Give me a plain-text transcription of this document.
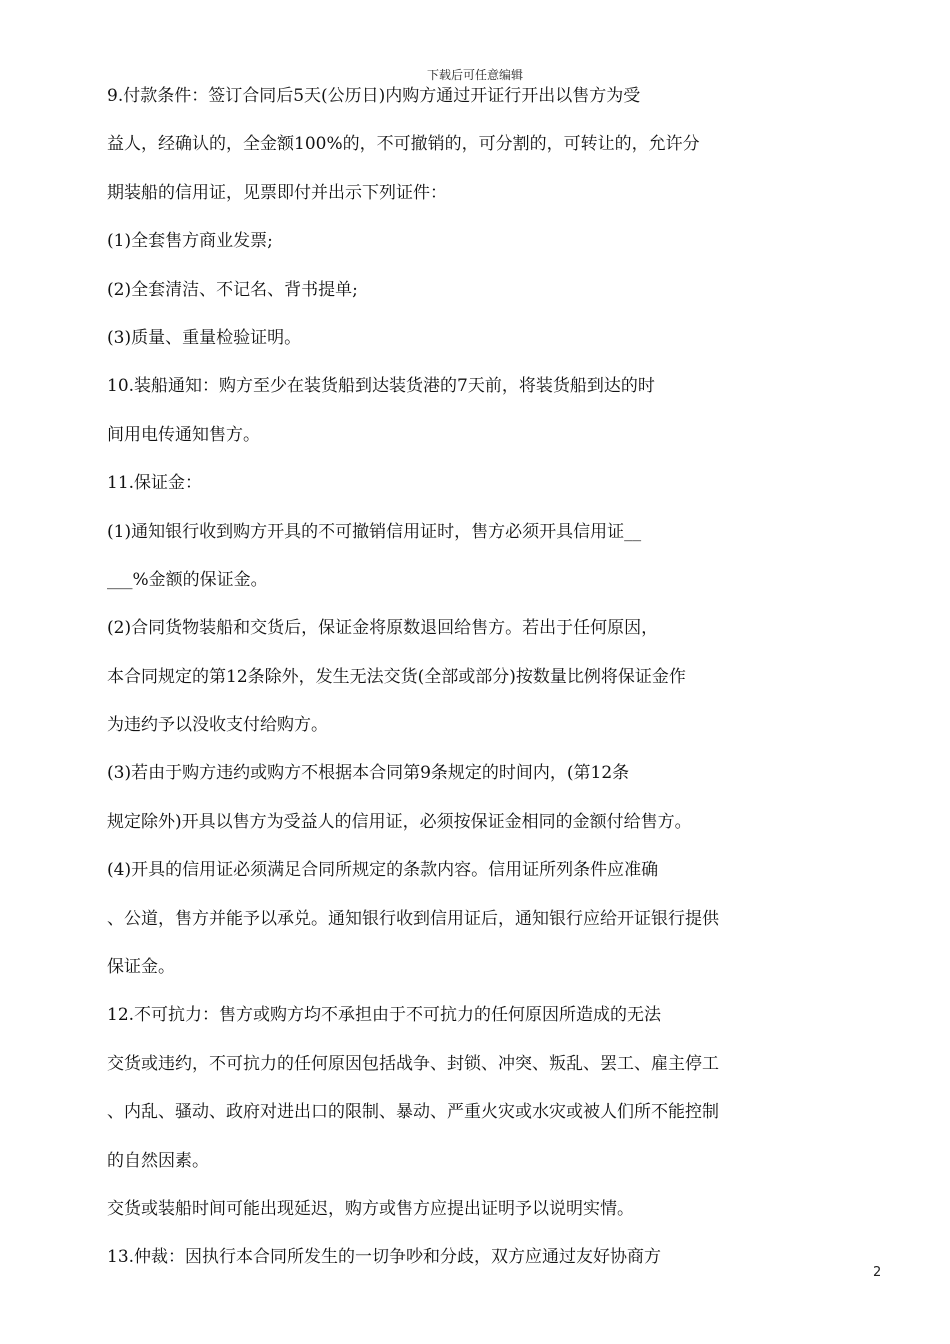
下载后可任意编辑
9.付款条件：签订合同后5天(公历日)内购方通过开证行开出以售方为受
益人，经确认的，全金额100%的，不可撤销的，可分割的，可转让的，允许分
期装船的信用证，见票即付并出示下列证件：
(1)全套售方商业发票;
(2)全套清洁、不记名、背书提单;
(3)质量、重量检验证明。
10.装船通知：购方至少在装货船到达装货港的7天前，将装货船到达的时
间用电传通知售方。
11.保证金：
(1)通知银行收到购方开具的不可撤销信用证时，售方必须开具信用证__
___%金额的保证金。
(2)合同货物装船和交货后，保证金将原数退回给售方。若出于任何原因，
本合同规定的第12条除外，发生无法交货(全部或部分)按数量比例将保证金作
为违约予以没收支付给购方。
(3)若由于购方违约或购方不根据本合同第9条规定的时间内，(第12条
规定除外)开具以售方为受益人的信用证，必须按保证金相同的金额付给售方。
(4)开具的信用证必须满足合同所规定的条款内容。信用证所列条件应准确
、公道，售方并能予以承兑。通知银行收到信用证后，通知银行应给开证银行提供
保证金。
12.不可抗力：售方或购方均不承担由于不可抗力的任何原因所造成的无法
交货或违约，不可抗力的任何原因包括战争、封锁、冲突、叛乱、罢工、雇主停工
、内乱、骚动、政府对进出口的限制、暴动、严重火灾或水灾或被人们所不能控制
的自然因素。
交货或装船时间可能出现延迟，购方或售方应提出证明予以说明实情。
13.仲裁：因执行本合同所发生的一切争吵和分歧，双方应通过友好协商方
2
